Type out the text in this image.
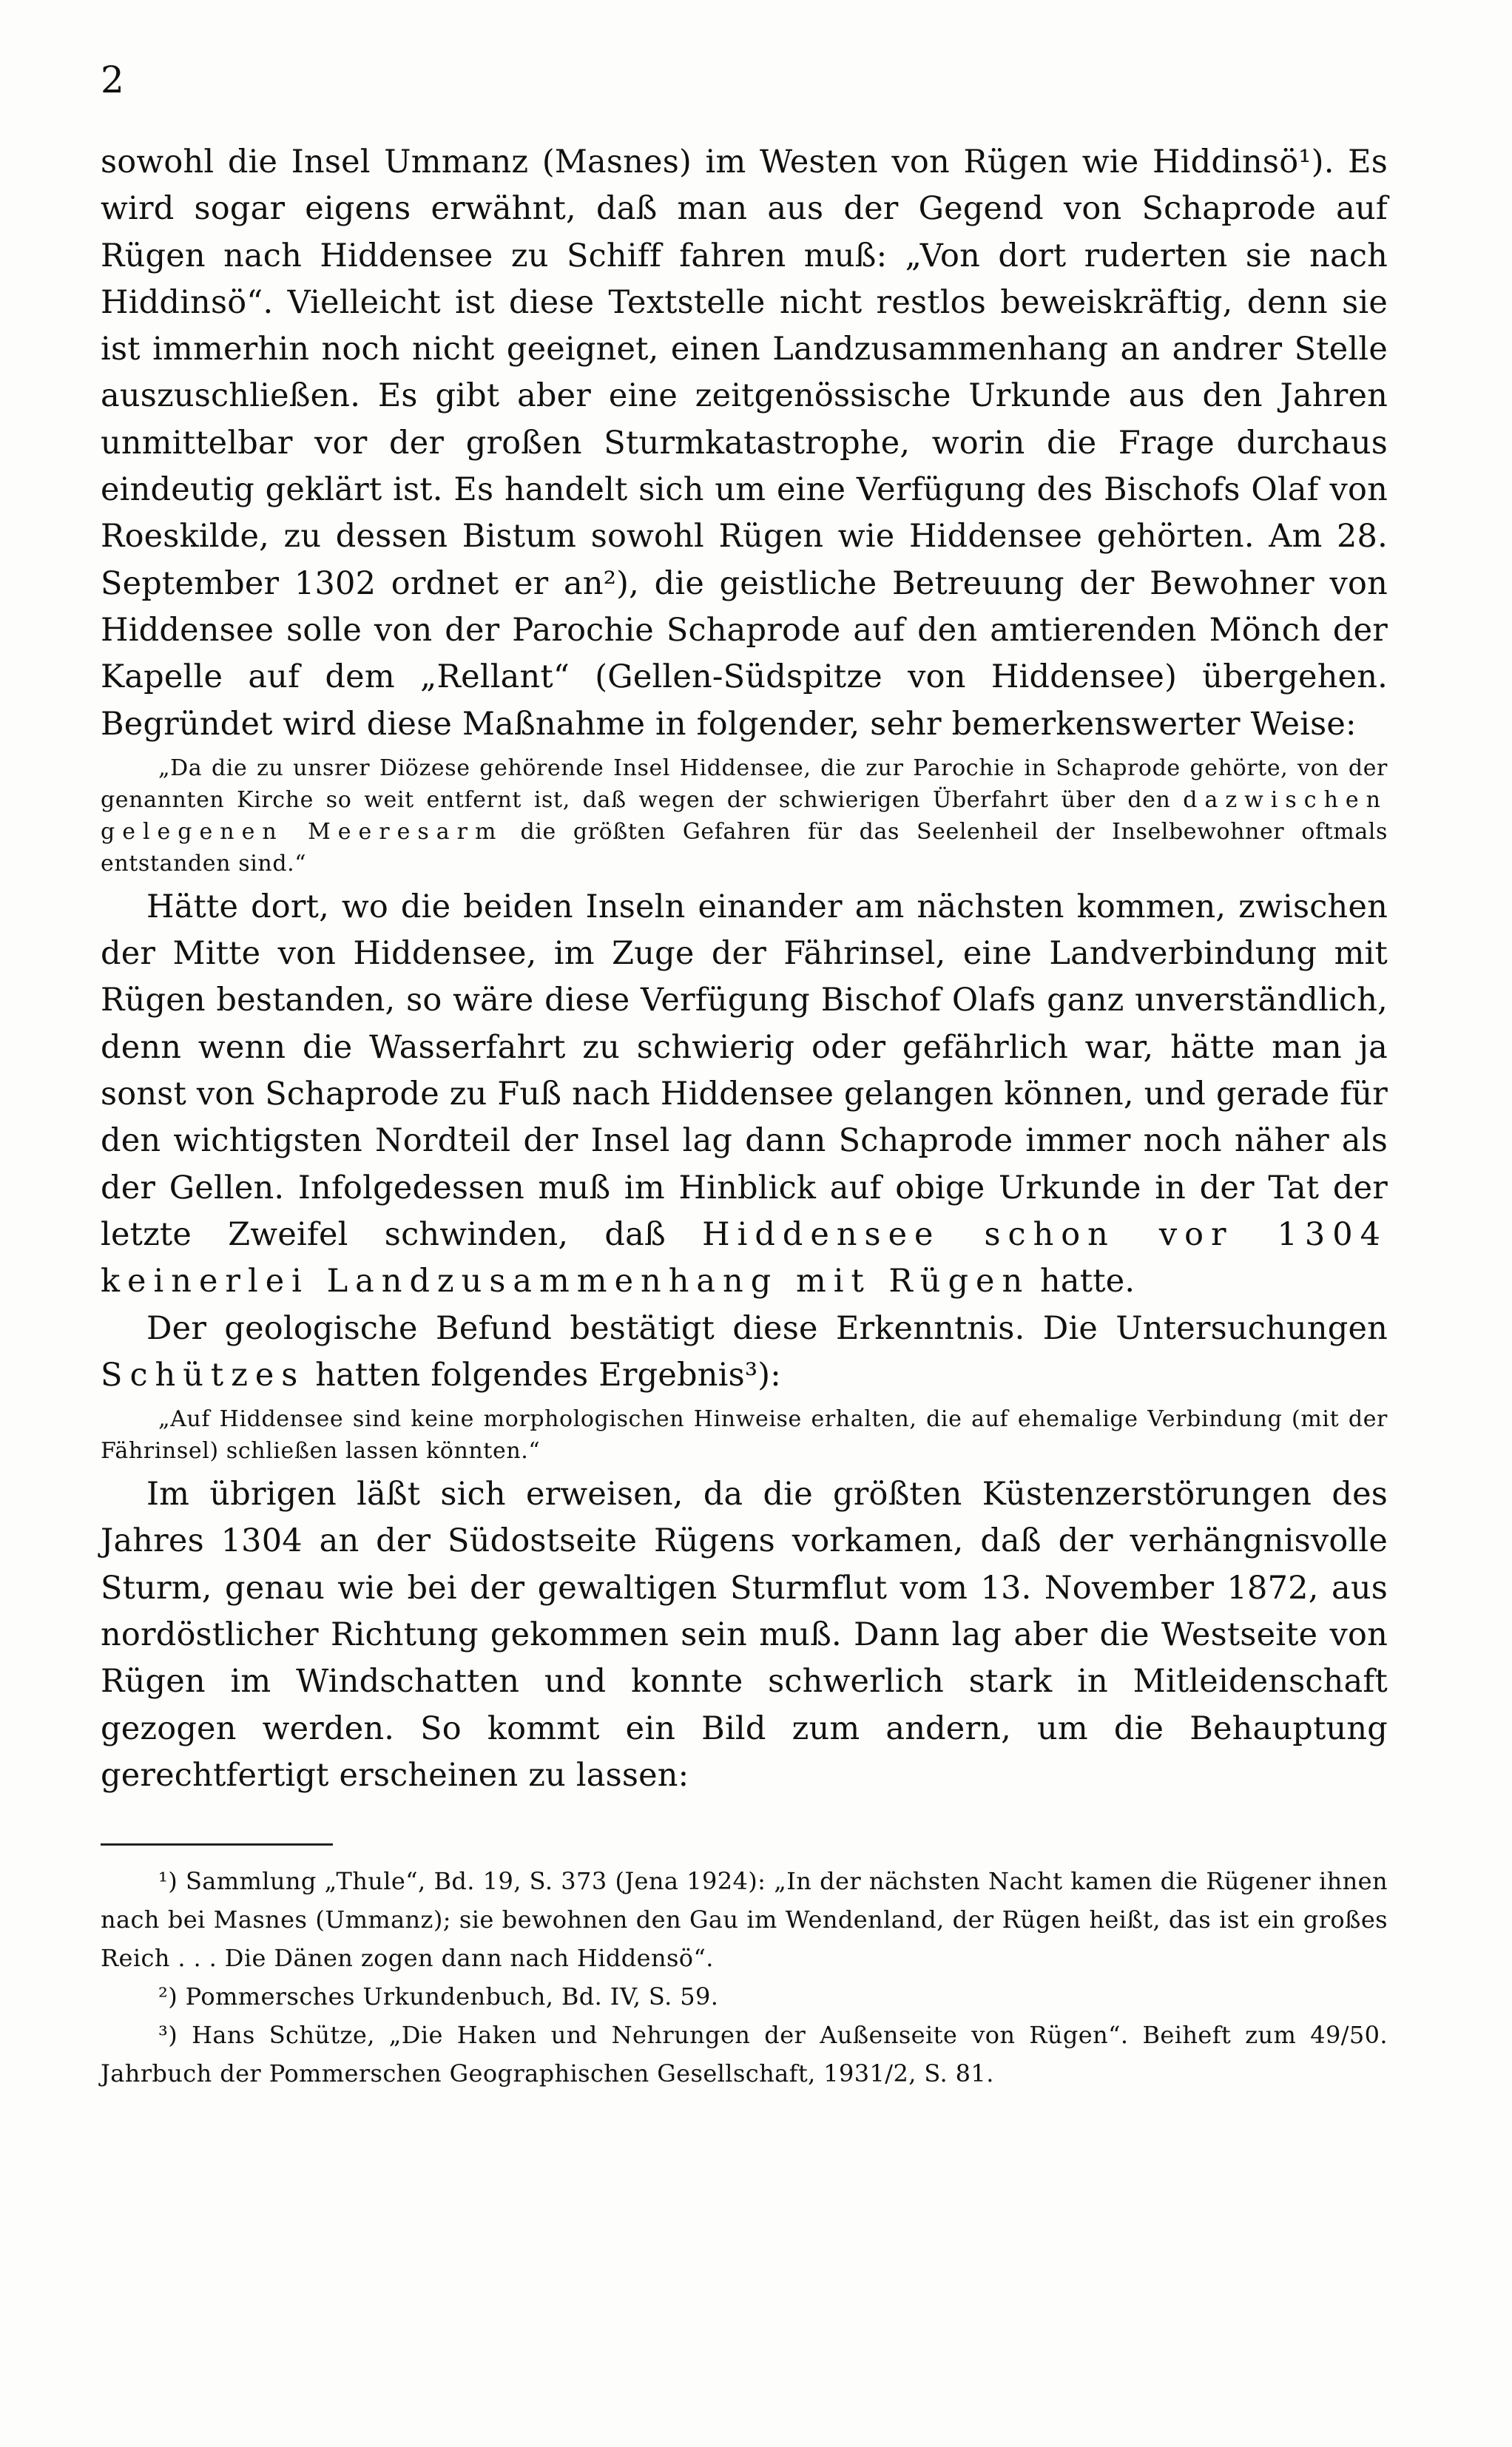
2

sowohl die Insel Ummanz (Masnes) im Westen von Rügen wie Hiddinsö¹). Es wird sogar eigens erwähnt, daß man aus der Gegend von Schaprode auf Rügen nach Hiddensee zu Schiff fahren muß: „Von dort ruderten sie nach Hiddinsö“. Vielleicht ist diese Textstelle nicht restlos beweiskräftig, denn sie ist immerhin noch nicht geeignet, einen Landzusammenhang an andrer Stelle auszuschließen. Es gibt aber eine zeitgenössische Urkunde aus den Jahren unmittelbar vor der großen Sturmkatastrophe, worin die Frage durchaus eindeutig geklärt ist. Es handelt sich um eine Verfügung des Bischofs Olaf von Roeskilde, zu dessen Bistum sowohl Rügen wie Hiddensee gehörten. Am 28. September 1302 ordnet er an²), die geistliche Betreuung der Bewohner von Hiddensee solle von der Parochie Schaprode auf den amtierenden Mönch der Kapelle auf dem „Rellant“ (Gellen-Südspitze von Hiddensee) übergehen. Begründet wird diese Maßnahme in folgender, sehr bemerkenswerter Weise:

„Da die zu unsrer Diözese gehörende Insel Hiddensee, die zur Parochie in Schaprode gehörte, von der genannten Kirche so weit entfernt ist, daß wegen der schwierigen Überfahrt über den dazwischen gelegenen Meeresarm die größten Gefahren für das Seelenheil der Inselbewohner oftmals entstanden sind.“

Hätte dort, wo die beiden Inseln einander am nächsten kommen, zwischen der Mitte von Hiddensee, im Zuge der Fährinsel, eine Landverbindung mit Rügen bestanden, so wäre diese Verfügung Bischof Olafs ganz unverständlich, denn wenn die Wasserfahrt zu schwierig oder gefährlich war, hätte man ja sonst von Schaprode zu Fuß nach Hiddensee gelangen können, und gerade für den wichtigsten Nordteil der Insel lag dann Schaprode immer noch näher als der Gellen. Infolgedessen muß im Hinblick auf obige Urkunde in der Tat der letzte Zweifel schwinden, daß Hiddensee schon vor 1304 keinerlei Landzusammenhang mit Rügen hatte.

Der geologische Befund bestätigt diese Erkenntnis. Die Untersuchungen Schützes hatten folgendes Ergebnis³):

„Auf Hiddensee sind keine morphologischen Hinweise erhalten, die auf ehemalige Verbindung (mit der Fährinsel) schließen lassen könnten.“

Im übrigen läßt sich erweisen, da die größten Küstenzerstörungen des Jahres 1304 an der Südostseite Rügens vorkamen, daß der verhängnisvolle Sturm, genau wie bei der gewaltigen Sturmflut vom 13. November 1872, aus nordöstlicher Richtung gekommen sein muß. Dann lag aber die Westseite von Rügen im Windschatten und konnte schwerlich stark in Mitleidenschaft gezogen werden. So kommt ein Bild zum andern, um die Behauptung gerechtfertigt erscheinen zu lassen:

¹) Sammlung „Thule“, Bd. 19, S. 373 (Jena 1924): „In der nächsten Nacht kamen die Rügener ihnen nach bei Masnes (Ummanz); sie bewohnen den Gau im Wendenland, der Rügen heißt, das ist ein großes Reich . . . Die Dänen zogen dann nach Hiddensö“.

²) Pommersches Urkundenbuch, Bd. IV, S. 59.

³) Hans Schütze, „Die Haken und Nehrungen der Außenseite von Rügen“. Beiheft zum 49/50. Jahrbuch der Pommerschen Geographischen Gesellschaft, 1931/2, S. 81.
